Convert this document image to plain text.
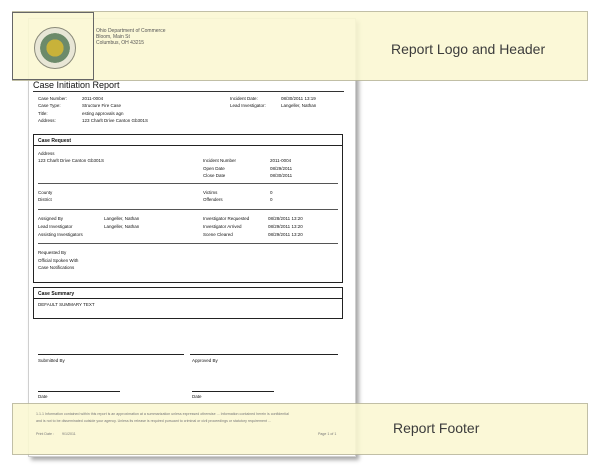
Report Logo and Header
Ohio Department of Commerce
Bloom, Main St
Columbus, OH 43215
Case Initiation Report
Case Number:	2011-0004
Case Type:	Structure Fire Case
Title:	esting approvals agn
Address:	123 Charlt Drive Canton Gb301S
Incident Date:	08/30/2011 13:19
Lead Investigator:	Langeller, Nathan
Case Request
Address
123 Charlt Drive Canton Gb301S	Incident Number	2011-0004
Open Date	08/29/2011
Close Date	08/30/2011
County
District
Victims	0
Offenders	0
Assigned By	Langeller, Nathan
Lead Investigator	Langeller, Nathan
Assisting Investigators
Investigator Requested	08/28/2011 13:20
Investigator Arrived	08/29/2011 13:20
Scene Cleared	08/29/2011 13:20
Requested By
Official Spoken With
Case Notifications
Case Summary
DEFAULT SUMMARY TEXT
Submitted By	Approved By
Date	Date
Report Footer
1.1.1 Information contained within this report is an approximation at a summarization unless expressed otherwise ... Information contained herein is confidential
and is not to be disseminated outside your agency. Unless its release is required pursuant to criminal or civil proceedings or statutory requirement ...
Print Date : 9/1/2011	Page 1 of 1
